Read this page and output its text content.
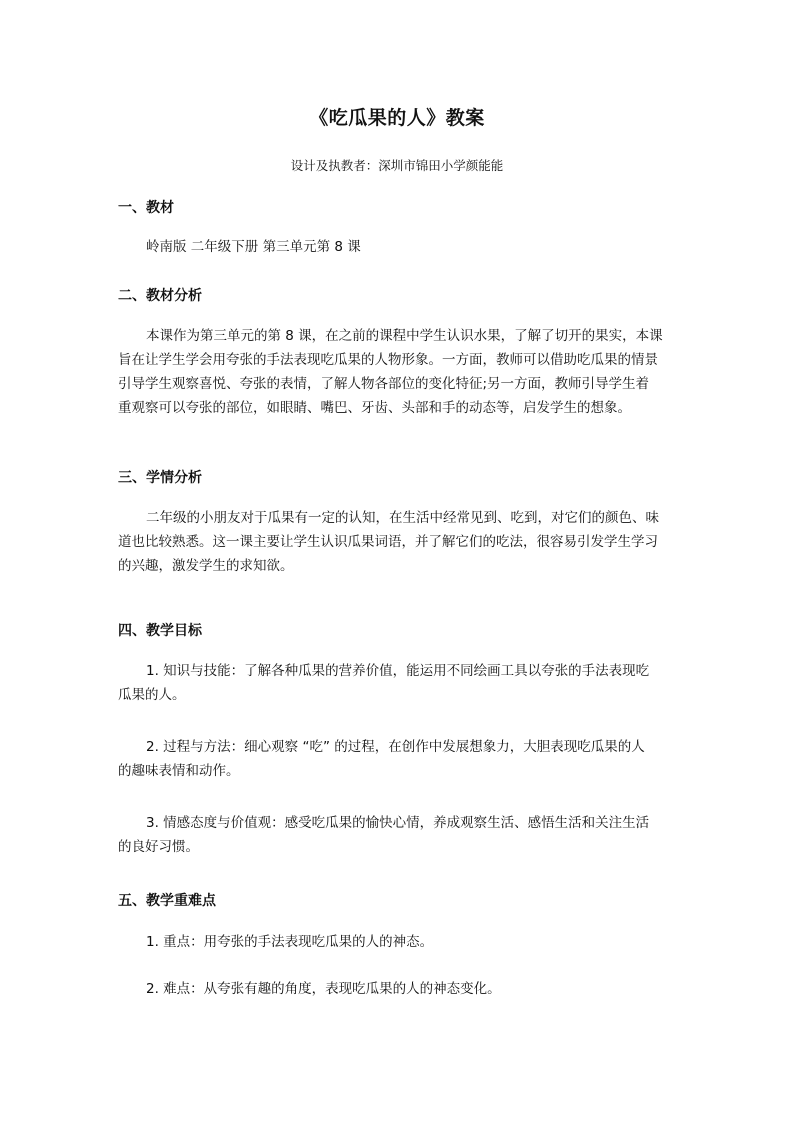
《吃瓜果的人》教案
设计及执教者：深圳市锦田小学颜能能
一、教材
岭南版 二年级下册 第三单元第 8 课
二、教材分析
本课作为第三单元的第 8 课，在之前的课程中学生认识水果，了解了切开的果实，本课
旨在让学生学会用夸张的手法表现吃瓜果的人物形象。一方面，教师可以借助吃瓜果的情景
引导学生观察喜悦、夸张的表情，了解人物各部位的变化特征;另一方面，教师引导学生着
重观察可以夸张的部位，如眼睛、嘴巴、牙齿、头部和手的动态等，启发学生的想象。
三、学情分析
二年级的小朋友对于瓜果有一定的认知，在生活中经常见到、吃到，对它们的颜色、味
道也比较熟悉。这一课主要让学生认识瓜果词语，并了解它们的吃法，很容易引发学生学习
的兴趣，激发学生的求知欲。
四、教学目标
1. 知识与技能：了解各种瓜果的营养价值，能运用不同绘画工具以夸张的手法表现吃
瓜果的人。
2. 过程与方法：细心观察 “吃” 的过程，在创作中发展想象力，大胆表现吃瓜果的人
的趣味表情和动作。
3. 情感态度与价值观：感受吃瓜果的愉快心情，养成观察生活、感悟生活和关注生活
的良好习惯。
五、教学重难点
1. 重点：用夸张的手法表现吃瓜果的人的神态。
2. 难点：从夸张有趣的角度，表现吃瓜果的人的神态变化。
